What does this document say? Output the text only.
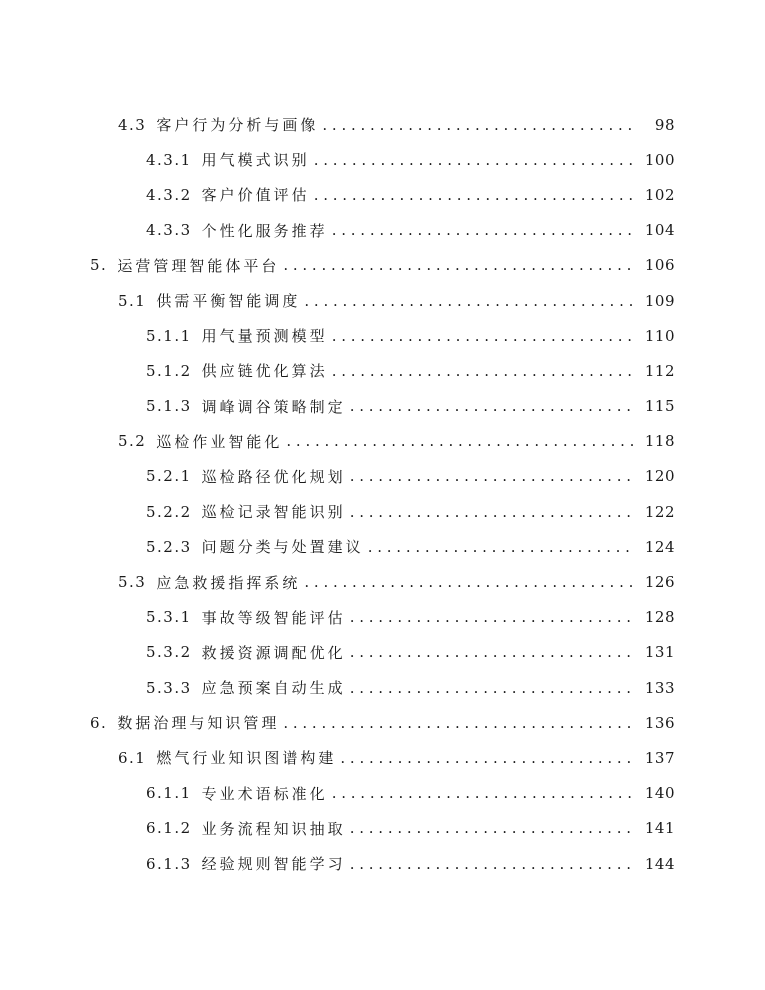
4.3 客户行为分析与画像 . . .	98
4.3.1 用气模式识别 . . .	100
4.3.2 客户价值评估 . . .	102
4.3.3 个性化服务推荐 . . .	104
5. 运营管理智能体平台 . . .	106
5.1 供需平衡智能调度 . . .	109
5.1.1 用气量预测模型 . . .	110
5.1.2 供应链优化算法 . . .	112
5.1.3 调峰调谷策略制定 . . .	115
5.2 巡检作业智能化 . . .	118
5.2.1 巡检路径优化规划 . . .	120
5.2.2 巡检记录智能识别 . . .	122
5.2.3 问题分类与处置建议 . . .	124
5.3 应急救援指挥系统 . . .	126
5.3.1 事故等级智能评估 . . .	128
5.3.2 救援资源调配优化 . . .	131
5.3.3 应急预案自动生成 . . .	133
6. 数据治理与知识管理 . . .	136
6.1 燃气行业知识图谱构建 . . .	137
6.1.1 专业术语标准化 . . .	140
6.1.2 业务流程知识抽取 . . .	141
6.1.3 经验规则智能学习 . . .	144
